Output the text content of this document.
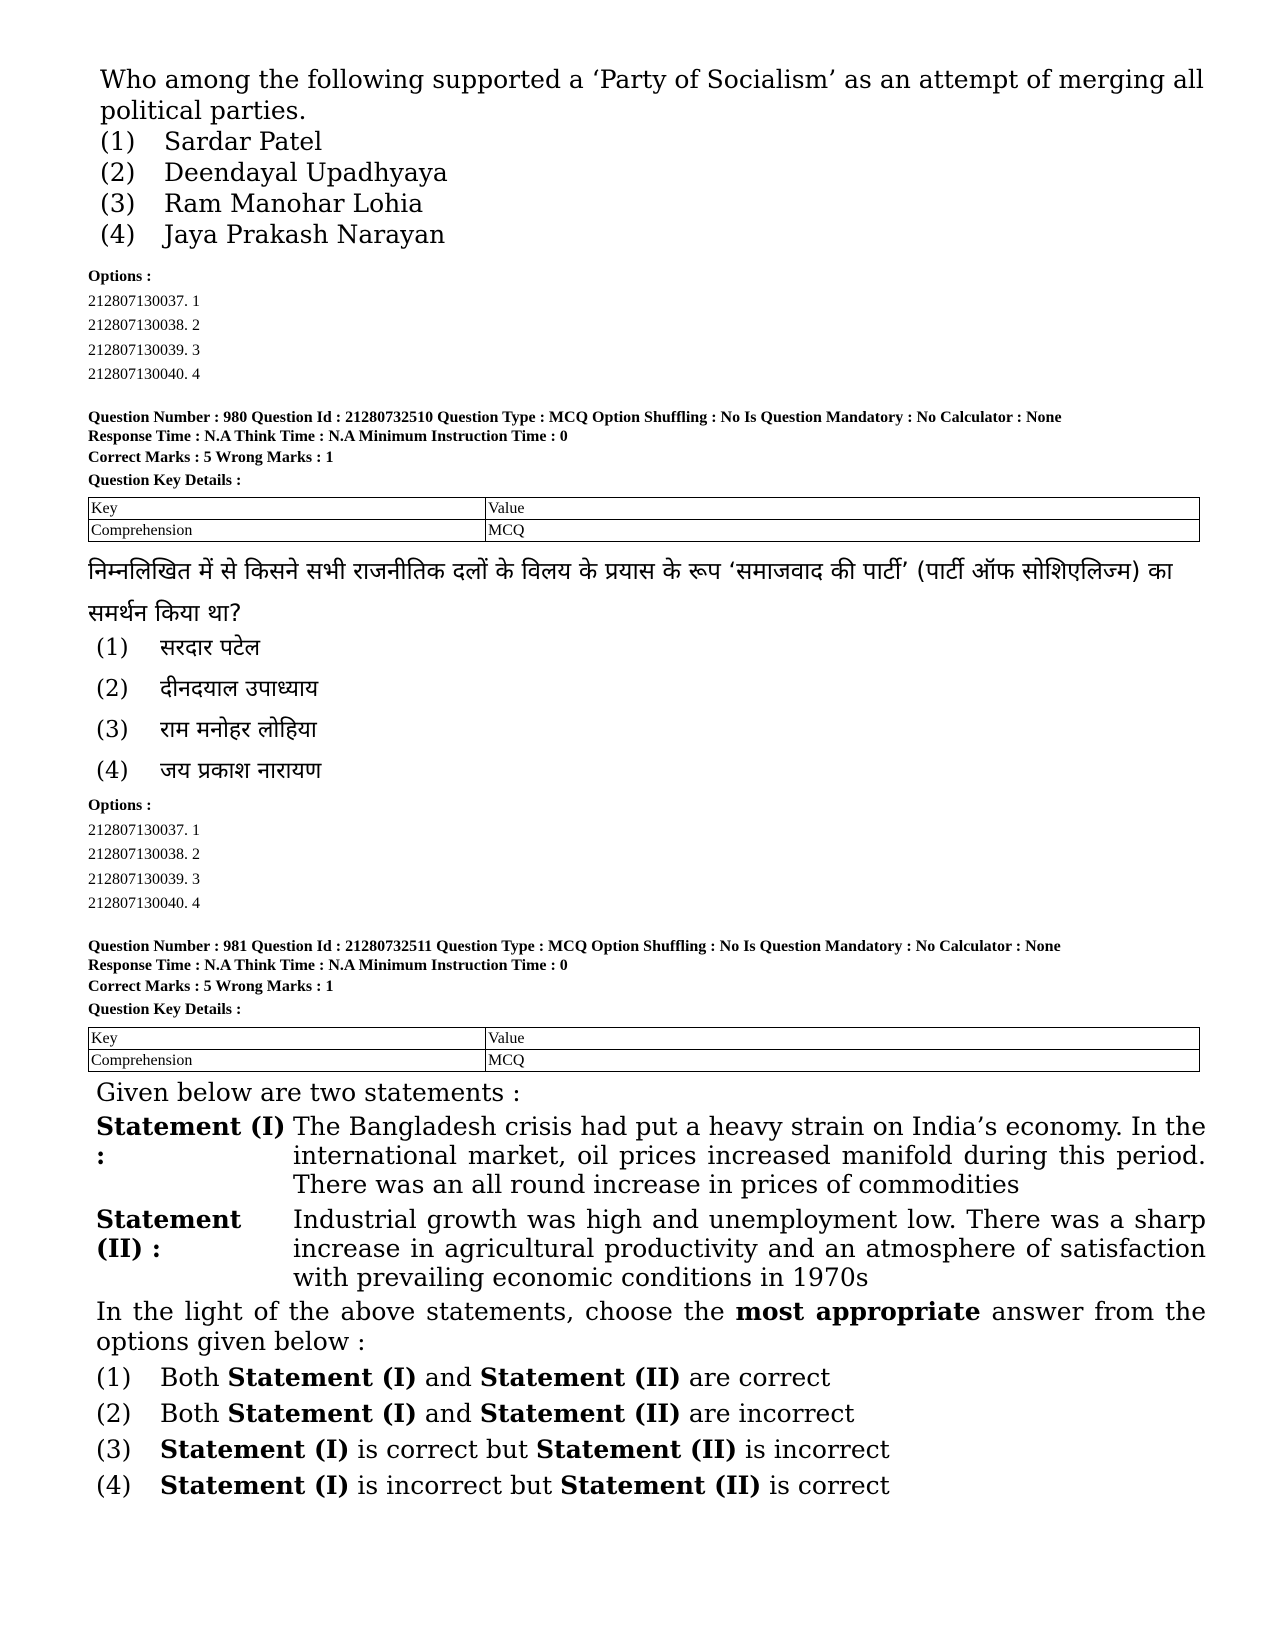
Who among the following supported a ‘Party of Socialism’ as an attempt of merging all political parties.
(1)	Sardar Patel
(2)	Deendayal Upadhyaya
(3)	Ram Manohar Lohia
(4)	Jaya Prakash Narayan
Options :
212807130037. 1
212807130038. 2
212807130039. 3
212807130040. 4
Question Number : 980 Question Id : 21280732510 Question Type : MCQ Option Shuffling : No Is Question Mandatory : No Calculator : None
Response Time : N.A Think Time : N.A Minimum Instruction Time : 0
Correct Marks : 5 Wrong Marks : 1
Question Key Details :
Key	Value
Comprehension	MCQ
निम्नलिखित में से किसने सभी राजनीतिक दलों के विलय के प्रयास के रूप ‘समाजवाद की पार्टी’ (पार्टी ऑफ सोशिएलिज्म) का समर्थन किया था?
(1)	सरदार पटेल
(2)	दीनदयाल उपाध्याय
(3)	राम मनोहर लोहिया
(4)	जय प्रकाश नारायण
Options :
212807130037. 1
212807130038. 2
212807130039. 3
212807130040. 4
Question Number : 981 Question Id : 21280732511 Question Type : MCQ Option Shuffling : No Is Question Mandatory : No Calculator : None
Response Time : N.A Think Time : N.A Minimum Instruction Time : 0
Correct Marks : 5 Wrong Marks : 1
Question Key Details :
Key	Value
Comprehension	MCQ
Given below are two statements :
Statement (I) :
The Bangladesh crisis had put a heavy strain on India’s economy. In the international market, oil prices increased manifold during this period. There was an all round increase in prices of commodities
Statement (II) :
Industrial growth was high and unemployment low. There was a sharp increase in agricultural productivity and an atmosphere of satisfaction with prevailing economic conditions in 1970s
In the light of the above statements, choose the most appropriate answer from the options given below :
(1)	Both Statement (I) and Statement (II) are correct
(2)	Both Statement (I) and Statement (II) are incorrect
(3)	Statement (I) is correct but Statement (II) is incorrect
(4)	Statement (I) is incorrect but Statement (II) is correct
